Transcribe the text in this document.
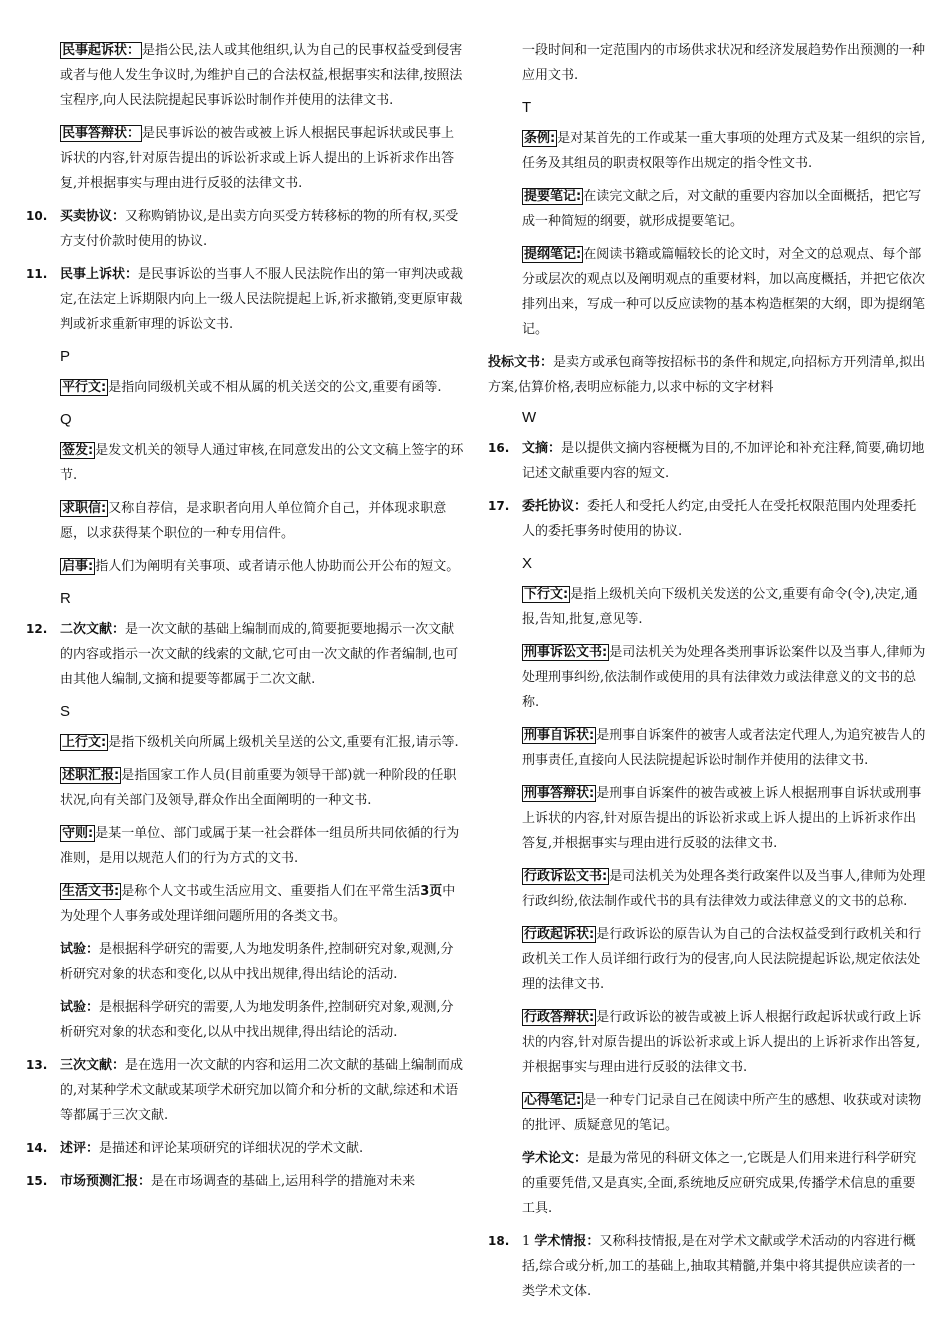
民事起诉状： 是指公民,法人或其他组织,认为自己的民事权益受到侵害或者与他人发生争议时,为维护自己的合法权益,根据事实和法律,按照法宝程序,向人民法院提起民事诉讼时制作并使用的法律文书.
民事答辩状： 是民事诉讼的被告或被上诉人根据民事起诉状或民事上诉状的内容,针对原告提出的诉讼祈求或上诉人提出的上诉祈求作出答复,并根据事实与理由进行反驳的法律文书.
10. 买卖协议：又称购销协议,是出卖方向买受方转移标的物的所有权,买受方支付价款时使用的协议.
11. 民事上诉状：是民事诉讼的当事人不服人民法院作出的第一审判决或裁定,在法定上诉期限内向上一级人民法院提起上诉,祈求撤销,变更原审裁判或祈求重新审理的诉讼文书.
P
平行文: 是指向同级机关或不相从属的机关送交的公文,重要有函等.
Q
签发: 是发文机关的领导人通过审核,在同意发出的公文文稿上签字的环节.
求职信: 又称自荐信，是求职者向用人单位简介自己，并体现求职意愿，以求获得某个职位的一种专用信件。
启事: 指人们为阐明有关事项、或者请示他人协助而公开公布的短文。
R
12. 二次文献：是一次文献的基础上编制而成的,简要扼要地揭示一次文献的内容或指示一次文献的线索的文献,它可由一次文献的作者编制,也可由其他人编制,文摘和提要等都属于二次文献.
S
上行文: 是指下级机关向所属上级机关呈送的公文,重要有汇报,请示等.
述职汇报: 是指国家工作人员(目前重要为领导干部)就一种阶段的任职状况,向有关部门及领导,群众作出全面阐明的一种文书.
守则: 是某一单位、部门或属于某一社会群体一组员所共同依循的行为准则，是用以规范人们的行为方式的文书.
生活文书: 是称个人文书或生活应用文、重要指人们在平常生活3页中为处理个人事务或处理详细问题所用的各类文书。
试验：是根据科学研究的需要,人为地发明条件,控制研究对象,观测,分析研究对象的状态和变化,以从中找出规律,得出结论的活动.
试验：是根据科学研究的需要,人为地发明条件,控制研究对象,观测,分析研究对象的状态和变化,以从中找出规律,得出结论的活动.
13. 三次文献：是在选用一次文献的内容和运用二次文献的基础上编制而成的,对某种学术文献或某项学术研究加以简介和分析的文献,综述和术语等都属于三次文献.
14. 述评：是描述和评论某项研究的详细状况的学术文献.
15. 市场预测汇报：是在市场调查的基础上,运用科学的措施对未来
一段时间和一定范围内的市场供求状况和经济发展趋势作出预测的一种应用文书.
T
条例: 是对某首先的工作或某一重大事项的处理方式及某一组织的宗旨,任务及其组员的职责权限等作出规定的指令性文书.
提要笔记: 在读完文献之后，对文献的重要内容加以全面概括，把它写成一种简短的纲要，就形成提要笔记。
提纲笔记: 在阅读书籍或篇幅较长的论文时，对全文的总观点、每个部分或层次的观点以及阐明观点的重要材料，加以高度概括，并把它依次排列出来，写成一种可以反应读物的基本构造框架的大纲，即为提纲笔记。
投标文书：是卖方或承包商等按招标书的条件和规定,向招标方开列清单,拟出方案,估算价格,表明应标能力,以求中标的文字材料
W
16. 文摘：是以提供文摘内容梗概为目的,不加评论和补充注释,简要,确切地记述文献重要内容的短文.
17. 委托协议：委托人和受托人约定,由受托人在受托权限范围内处理委托人的委托事务时使用的协议.
X
下行文: 是指上级机关向下级机关发送的公文,重要有命令(令),决定,通报,告知,批复,意见等.
刑事诉讼文书: 是司法机关为处理各类刑事诉讼案件以及当事人,律师为处理刑事纠纷,依法制作或使用的具有法律效力或法律意义的文书的总称.
刑事自诉状: 是刑事自诉案件的被害人或者法定代理人,为追究被告人的刑事责任,直接向人民法院提起诉讼时制作并使用的法律文书.
刑事答辩状: 是刑事自诉案件的被告或被上诉人根据刑事自诉状或刑事上诉状的内容,针对原告提出的诉讼祈求或上诉人提出的上诉祈求作出答复,并根据事实与理由进行反驳的法律文书.
行政诉讼文书: 是司法机关为处理各类行政案件以及当事人,律师为处理行政纠纷,依法制作或代书的具有法律效力或法律意义的文书的总称.
行政起诉状: 是行政诉讼的原告认为自己的合法权益受到行政机关和行政机关工作人员详细行政行为的侵害,向人民法院提起诉讼,规定依法处理的法律文书.
行政答辩状: 是行政诉讼的被告或被上诉人根据行政起诉状或行政上诉状的内容,针对原告提出的诉讼祈求或上诉人提出的上诉祈求作出答复,并根据事实与理由进行反驳的法律文书.
心得笔记: 是一种专门记录自己在阅读中所产生的感想、收获或对读物的批评、质疑意见的笔记。
学术论文：是最为常见的科研文体之一,它既是人们用来进行科学研究的重要凭借,又是真实,全面,系统地反应研究成果,传播学术信息的重要工具.
18. 1 学术情报：又称科技情报,是在对学术文献或学术活动的内容进行概括,综合或分析,加工的基础上,抽取其精髓,并集中将其提供应读者的一类学术文体.
